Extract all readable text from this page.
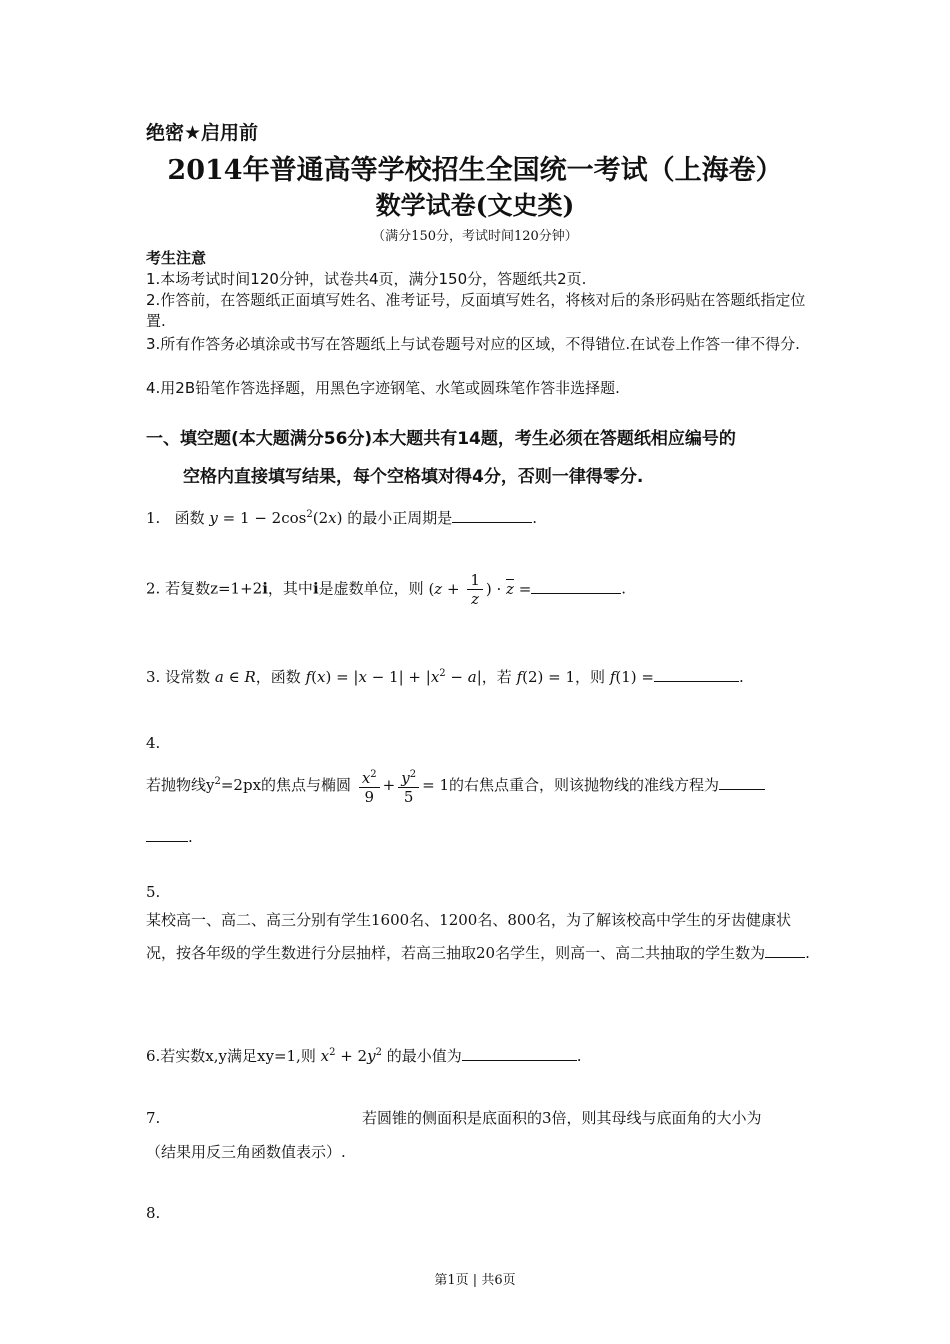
绝密★启用前
2014年普通高等学校招生全国统一考试（上海卷）
数学试卷(文史类)
（满分150分，考试时间120分钟）
考生注意
1.本场考试时间120分钟，试卷共4页，满分150分，答题纸共2页.
2.作答前，在答题纸正面填写姓名、准考证号，反面填写姓名，将核对后的条形码贴在答题纸指定位置.
3.所有作答务必填涂或书写在答题纸上与试卷题号对应的区域，不得错位.在试卷上作答一律不得分.
4.用2B铅笔作答选择题，用黑色字迹钢笔、水笔或圆珠笔作答非选择题.
一、填空题(本大题满分56分)本大题共有14题，考生必须在答题纸相应编号的
空格内直接填写结果，每个空格填对得4分，否则一律得零分.
1. 函数 $y = 1 - 2\cos^2(2x)$ 的最小正周期是	.
2. 若复数z=1+2i，其中i是虚数单位，则 ($z + \frac{1}{z}$ ) · $\overline{z}$ =	.
3. 设常数 a ∈ R，函数 $f(x) = |x - 1| + |x^2 - a|$，若 f(2) = 1，则 f(1) =	.
4.
若抛物线$y^2=2px$的焦点与椭圆 $\frac{x^2}{9} + \frac{y^2}{5} = 1$的右焦点重合，则该抛物线的准线方程为
.
5.
某校高一、高二、高三分别有学生1600名、1200名、800名，为了解该校高中学生的牙齿健康状况，按各年级的学生数进行分层抽样，若高三抽取20名学生，则高一、高二共抽取的学生数为	.
6.若实数x,y满足xy=1,则 $x^2 + 2y^2$ 的最小值为	.
7.	若圆锥的侧面积是底面积的3倍，则其母线与底面角的大小为
（结果用反三角函数值表示）.
8.
第1页 | 共6页
